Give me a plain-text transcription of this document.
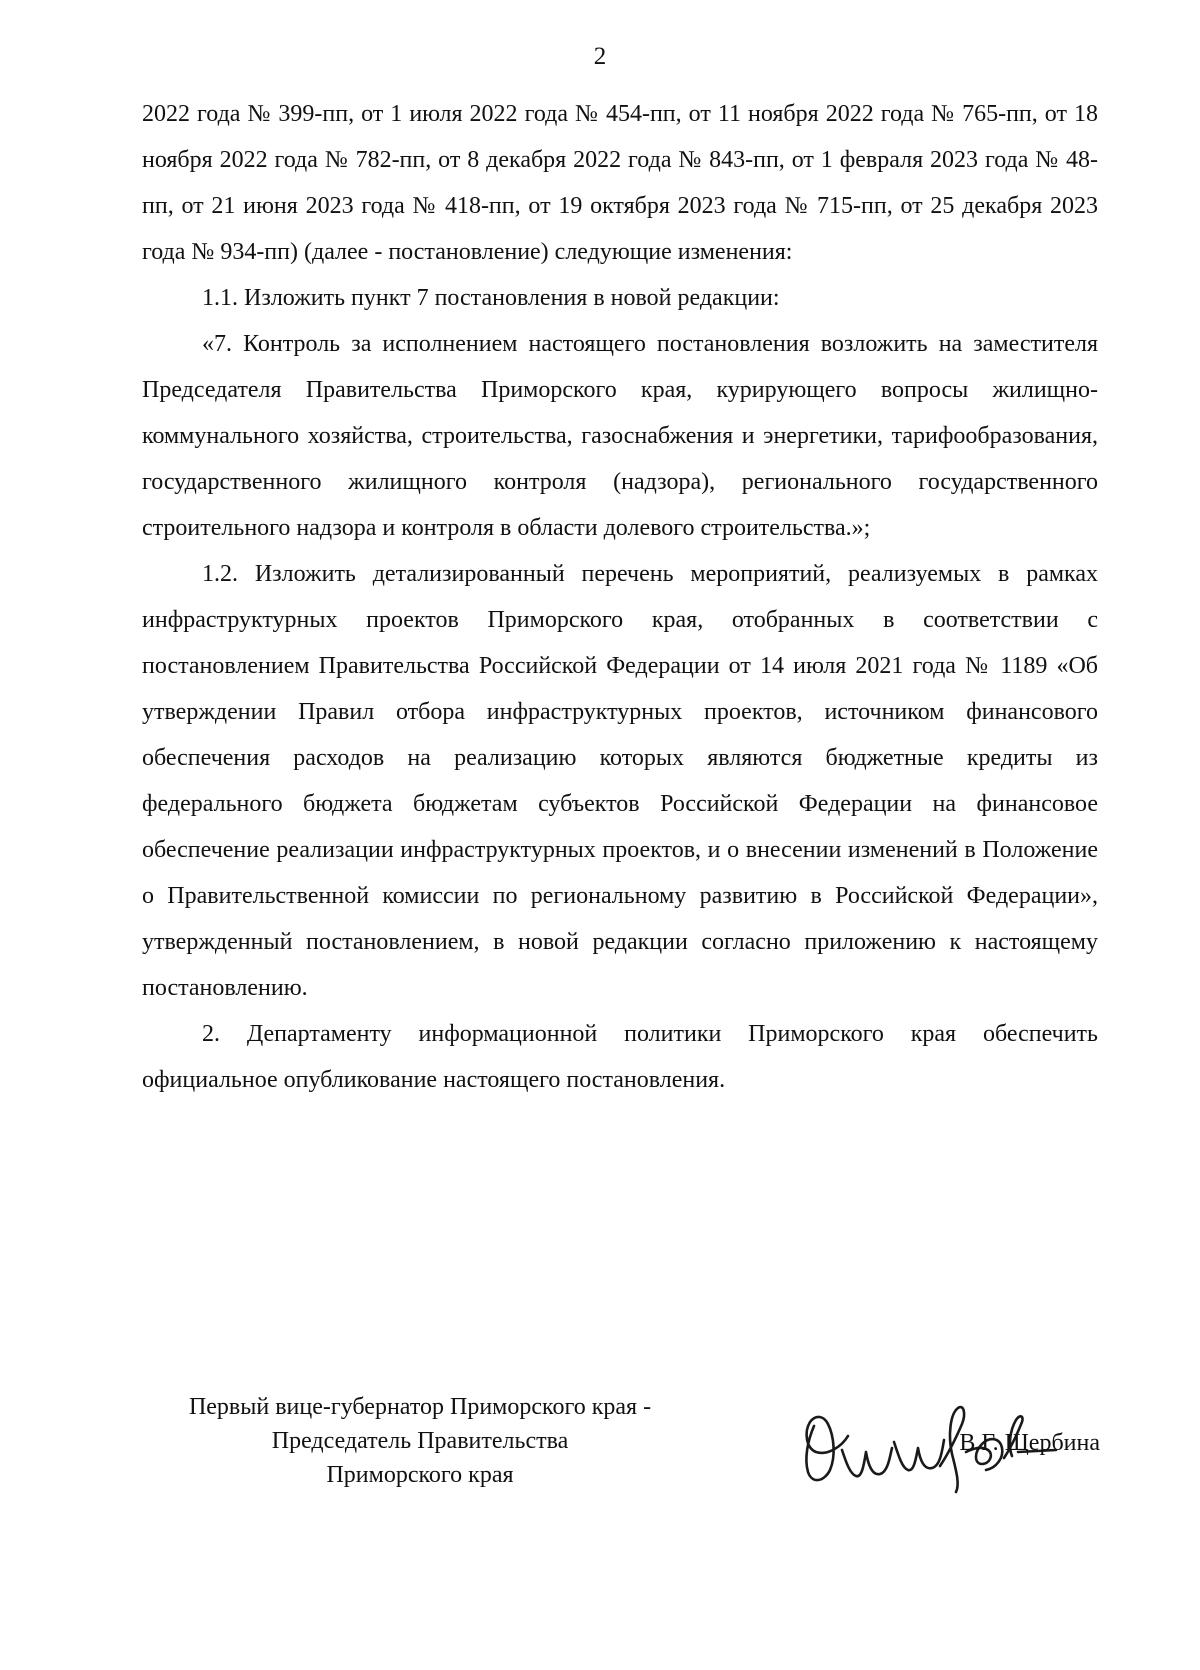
2

2022 года № 399-пп, от 1 июля 2022 года № 454-пп, от 11 ноября 2022 года № 765-пп, от 18 ноября 2022 года № 782-пп, от 8 декабря 2022 года № 843-пп, от 1 февраля 2023 года № 48-пп, от 21 июня 2023 года № 418-пп, от 19 октября 2023 года № 715-пп, от 25 декабря 2023 года № 934-пп) (далее - постановление) следующие изменения:

1.1. Изложить пункт 7 постановления в новой редакции:

«7. Контроль за исполнением настоящего постановления возложить на заместителя Председателя Правительства Приморского края, курирующего вопросы жилищно-коммунального хозяйства, строительства, газоснабжения и энергетики, тарифообразования, государственного жилищного контроля (надзора), регионального государственного строительного надзора и контроля в области долевого строительства.»;

1.2. Изложить детализированный перечень мероприятий, реализуемых в рамках инфраструктурных проектов Приморского края, отобранных в соответствии с постановлением Правительства Российской Федерации от 14 июля 2021 года № 1189 «Об утверждении Правил отбора инфраструктурных проектов, источником финансового обеспечения расходов на реализацию которых являются бюджетные кредиты из федерального бюджета бюджетам субъектов Российской Федерации на финансовое обеспечение реализации инфраструктурных проектов, и о внесении изменений в Положение о Правительственной комиссии по региональному развитию в Российской Федерации», утвержденный постановлением, в новой редакции согласно приложению к настоящему постановлению.

2. Департаменту информационной политики Приморского края обеспечить официальное опубликование настоящего постановления.

Первый вице-губернатор Приморского края -
Председатель Правительства
Приморского края
В.Г. Щербина
